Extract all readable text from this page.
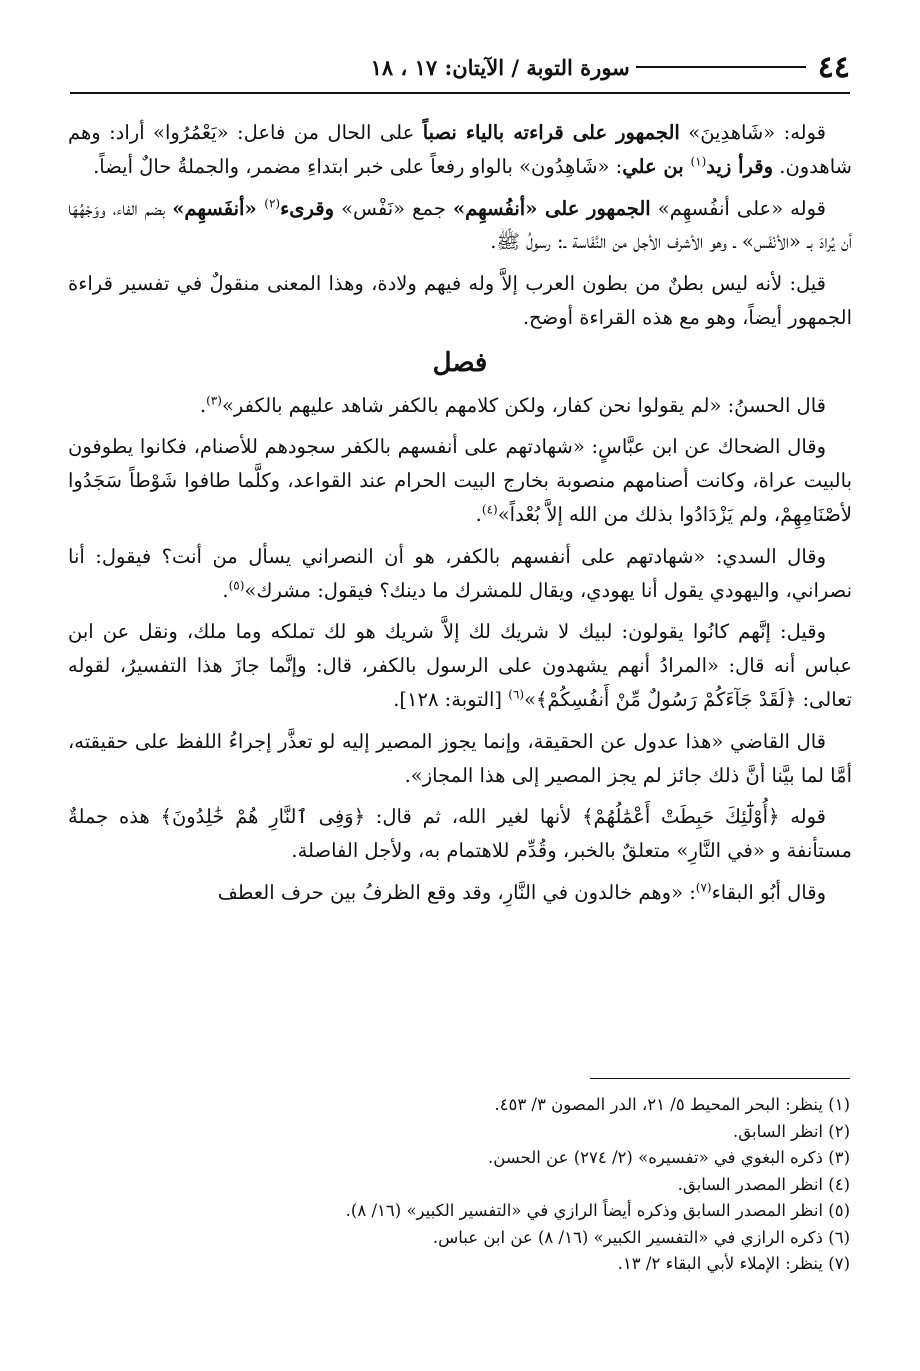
٤٤
سورة التوبة / الآيتان: ١٧ ، ١٨

قوله: «شَاهدِينَ» الجمهور على قراءته بالياء نصباً على الحال من فاعل: «يَعْمُرُوا» أراد: وهم شاهدون. وقرأ زيد$^{(١)}$ بن علي: «شَاهِدُون» بالواو رفعاً على خبر ابتداءِ مضمر، والجملةُ حالٌ أيضاً.

قوله «على أنفُسهِم» الجمهور على «أنفُسهِم» جمع «نَفْس» وقرىء$^{(٢)}$ «أنفَسهِم» بضم الفاء، ووَجْهُهَا أن يُرادَ بـ «الأنْفَس» ـ وهو الأشرف الأجل من النَّفَاسة ـ: رسولُ ﷺ.

قيل: لأنه ليس بطنٌ من بطون العرب إلاَّ وله فيهم ولادة، وهذا المعنى منقولٌ في تفسير قراءة الجمهور أيضاً، وهو مع هذه القراءة أوضح.

فصل

قال الحسنُ: «لم يقولوا نحن كفار، ولكن كلامهم بالكفر شاهد عليهم بالكفر»$^{(٣)}$.

وقال الضحاك عن ابن عبَّاسٍ: «شهادتهم على أنفسهم بالكفر سجودهم للأصنام، فكانوا يطوفون بالبيت عراة، وكانت أصنامهم منصوبة بخارج البيت الحرام عند القواعد، وكلَّما طافوا شَوْطاً سَجَدُوا لأصْنَامِهِمْ، ولم يَزْدَادُوا بذلك من الله إلاَّ بُعْداً»$^{(٤)}$.

وقال السدي: «شهادتهم على أنفسهم بالكفر، هو أن النصراني يسأل من أنت؟ فيقول: أنا نصراني، واليهودي يقول أنا يهودي، ويقال للمشرك ما دينك؟ فيقول: مشرك»$^{(٥)}$.

وقيل: إنَّهم كانُوا يقولون: لبيك لا شريك لك إلاَّ شريك هو لك تملكه وما ملك، ونقل عن ابن عباس أنه قال: «المرادُ أنهم يشهدون على الرسول بالكفر، قال: وإنَّما جازَ هذا التفسيرُ، لقوله تعالى: ﴿لَقَدْ جَآءَكُمْ رَسُولٌ مِّنْ أَنفُسِكُمْ﴾»$^{(٦)}$ [التوبة: ١٢٨].

قال القاضي «هذا عدول عن الحقيقة، وإنما يجوز المصير إليه لو تعذَّر إجراءُ اللفظ على حقيقته، أمَّا لما بيَّنا أنَّ ذلك جائز لم يجز المصير إلى هذا المجاز».

قوله ﴿أُوْلَٰٓئِكَ حَبِطَتْ أَعْمَٰلُهُمْ﴾ لأنها لغير الله، ثم قال: ﴿وَفِى ٱلنَّارِ هُمْ خَٰلِدُونَ﴾ هذه جملةٌ مستأنفة و «في النَّارِ» متعلقٌ بالخبر، وقُدِّم للاهتمام به، ولأجل الفاصلة.

وقال أبُو البقاء$^{(٧)}$: «وهم خالدون في النَّارِ، وقد وقع الظرفُ بين حرف العطف

(١) ينظر: البحر المحيط ٥/ ٢١، الدر المصون ٣/ ٤٥٣.
(٢) انظر السابق.
(٣) ذكره البغوي في «تفسيره» (٢/ ٢٧٤) عن الحسن.
(٤) انظر المصدر السابق.
(٥) انظر المصدر السابق وذكره أيضاً الرازي في «التفسير الكبير» (١٦/ ٨).
(٦) ذكره الرازي في «التفسير الكبير» (١٦/ ٨) عن ابن عباس.
(٧) ينظر: الإملاء لأبي البقاء ٢/ ١٣.
